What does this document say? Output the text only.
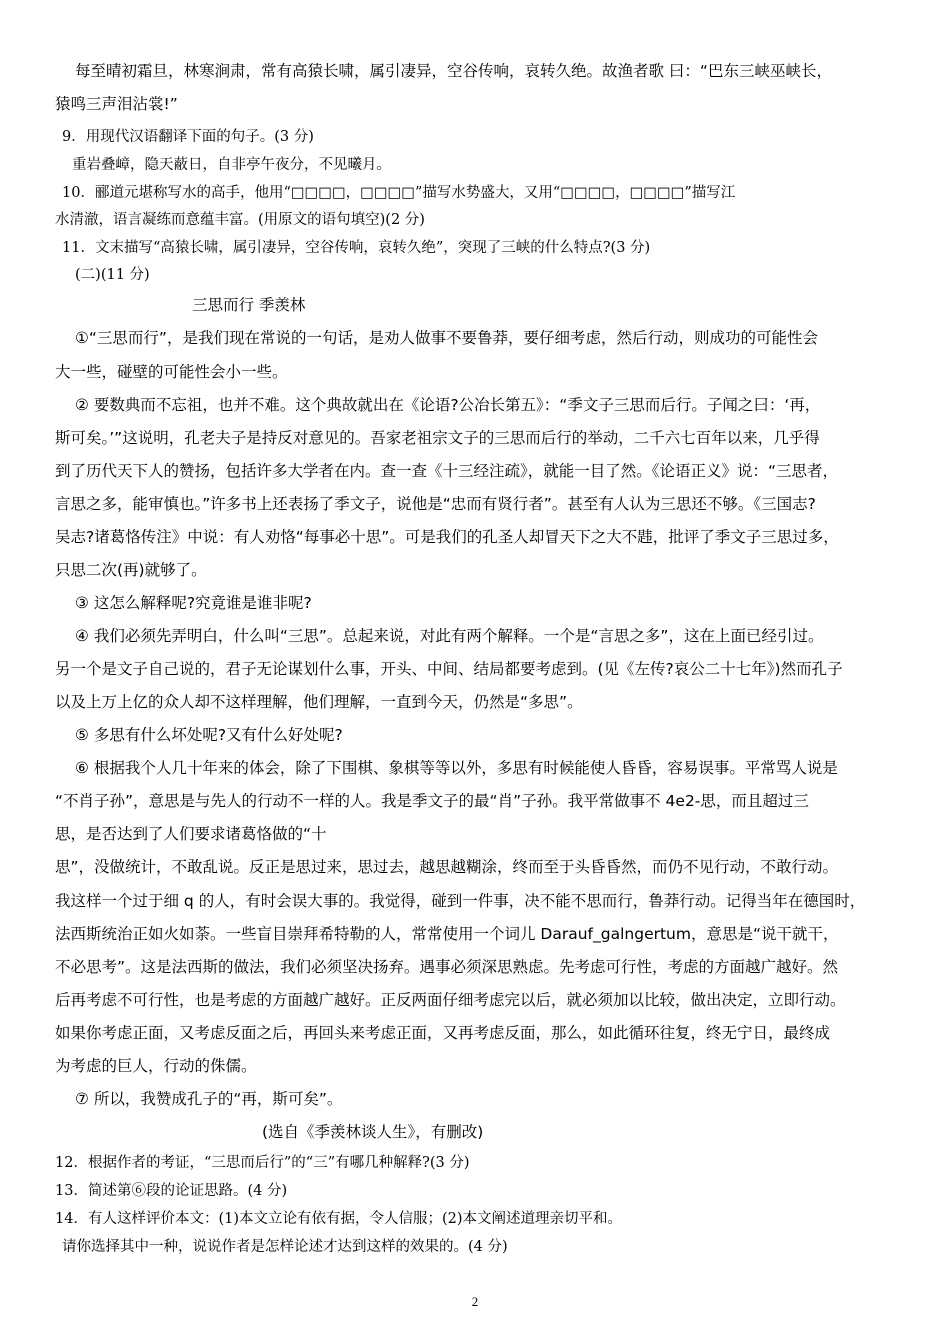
每至晴初霜旦，林寒涧肃，常有高猿长啸，属引凄异，空谷传响，哀转久绝。故渔者歌 曰：“巴东三峡巫峡长，
猿鸣三声泪沾裳!”
9．用现代汉语翻译下面的句子。(3 分)
重岩叠嶂，隐天蔽日，自非亭午夜分，不见曦月。
10．郦道元堪称写水的高手，他用“□□□□，□□□□”描写水势盛大，又用“□□□□，□□□□”描写江
水清澈，语言凝练而意蕴丰富。(用原文的语句填空)(2 分)
11．文末描写“高猿长啸，属引凄异，空谷传响，哀转久绝”，突现了三峡的什么特点?(3 分)
(二)(11 分)
三思而行 季羡林
①“三思而行”，是我们现在常说的一句话，是劝人做事不要鲁莽，要仔细考虑，然后行动，则成功的可能性会
大一些，碰壁的可能性会小一些。
② 要数典而不忘祖，也并不难。这个典故就出在《论语?公冶长第五》：“季文子三思而后行。子闻之曰：‘再，
斯可矣。’”这说明，孔老夫子是持反对意见的。吾家老祖宗文子的三思而后行的举动，二千六七百年以来，几乎得
到了历代天下人的赞扬，包括许多大学者在内。查一查《十三经注疏》，就能一目了然。《论语正义》说：“三思者，
言思之多，能审慎也。”许多书上还表扬了季文子，说他是“忠而有贤行者”。甚至有人认为三思还不够。《三国志?
吴志?诸葛恪传注》中说：有人劝恪“每事必十思”。可是我们的孔圣人却冒天下之大不韪，批评了季文子三思过多，
只思二次(再)就够了。
③ 这怎么解释呢?究竟谁是谁非呢?
④ 我们必须先弄明白，什么叫“三思”。总起来说，对此有两个解释。一个是“言思之多”，这在上面已经引过。
另一个是文子自己说的，君子无论谋划什么事，开头、中间、结局都要考虑到。(见《左传?哀公二十七年》)然而孔子
以及上万上亿的众人却不这样理解，他们理解，一直到今天，仍然是“多思”。
⑤ 多思有什么坏处呢?又有什么好处呢?
⑥ 根据我个人几十年来的体会，除了下围棋、象棋等等以外，多思有时候能使人昏昏，容易误事。平常骂人说是
“不肖子孙”，意思是与先人的行动不一样的人。我是季文子的最“肖”子孙。我平常做事不 4e2-思，而且超过三
思，是否达到了人们要求诸葛恪做的“十
思”，没做统计，不敢乱说。反正是思过来，思过去，越思越糊涂，终而至于头昏昏然，而仍不见行动，不敢行动。
我这样一个过于细 q 的人，有时会误大事的。我觉得，碰到一件事，决不能不思而行，鲁莽行动。记得当年在德国时，
法西斯统治正如火如荼。一些盲目崇拜希特勒的人，常常使用一个词儿 Darauf_galngertum，意思是“说干就干，
不必思考”。这是法西斯的做法，我们必须坚决扬弃。遇事必须深思熟虑。先考虑可行性，考虑的方面越广越好。然
后再考虑不可行性，也是考虑的方面越广越好。正反两面仔细考虑完以后，就必须加以比较，做出决定，立即行动。
如果你考虑正面，又考虑反面之后，再回头来考虑正面，又再考虑反面，那么，如此循环往复，终无宁日，最终成
为考虑的巨人，行动的侏儒。
⑦ 所以，我赞成孔子的“再，斯可矣”。
(选自《季羡林谈人生》，有删改)
12．根据作者的考证，“三思而后行”的“三”有哪几种解释?(3 分)
13．简述第⑥段的论证思路。(4 分)
14．有人这样评价本文：(1)本文立论有依有据，令人信服；(2)本文阐述道理亲切平和。
请你选择其中一种，说说作者是怎样论述才达到这样的效果的。(4 分)
2
